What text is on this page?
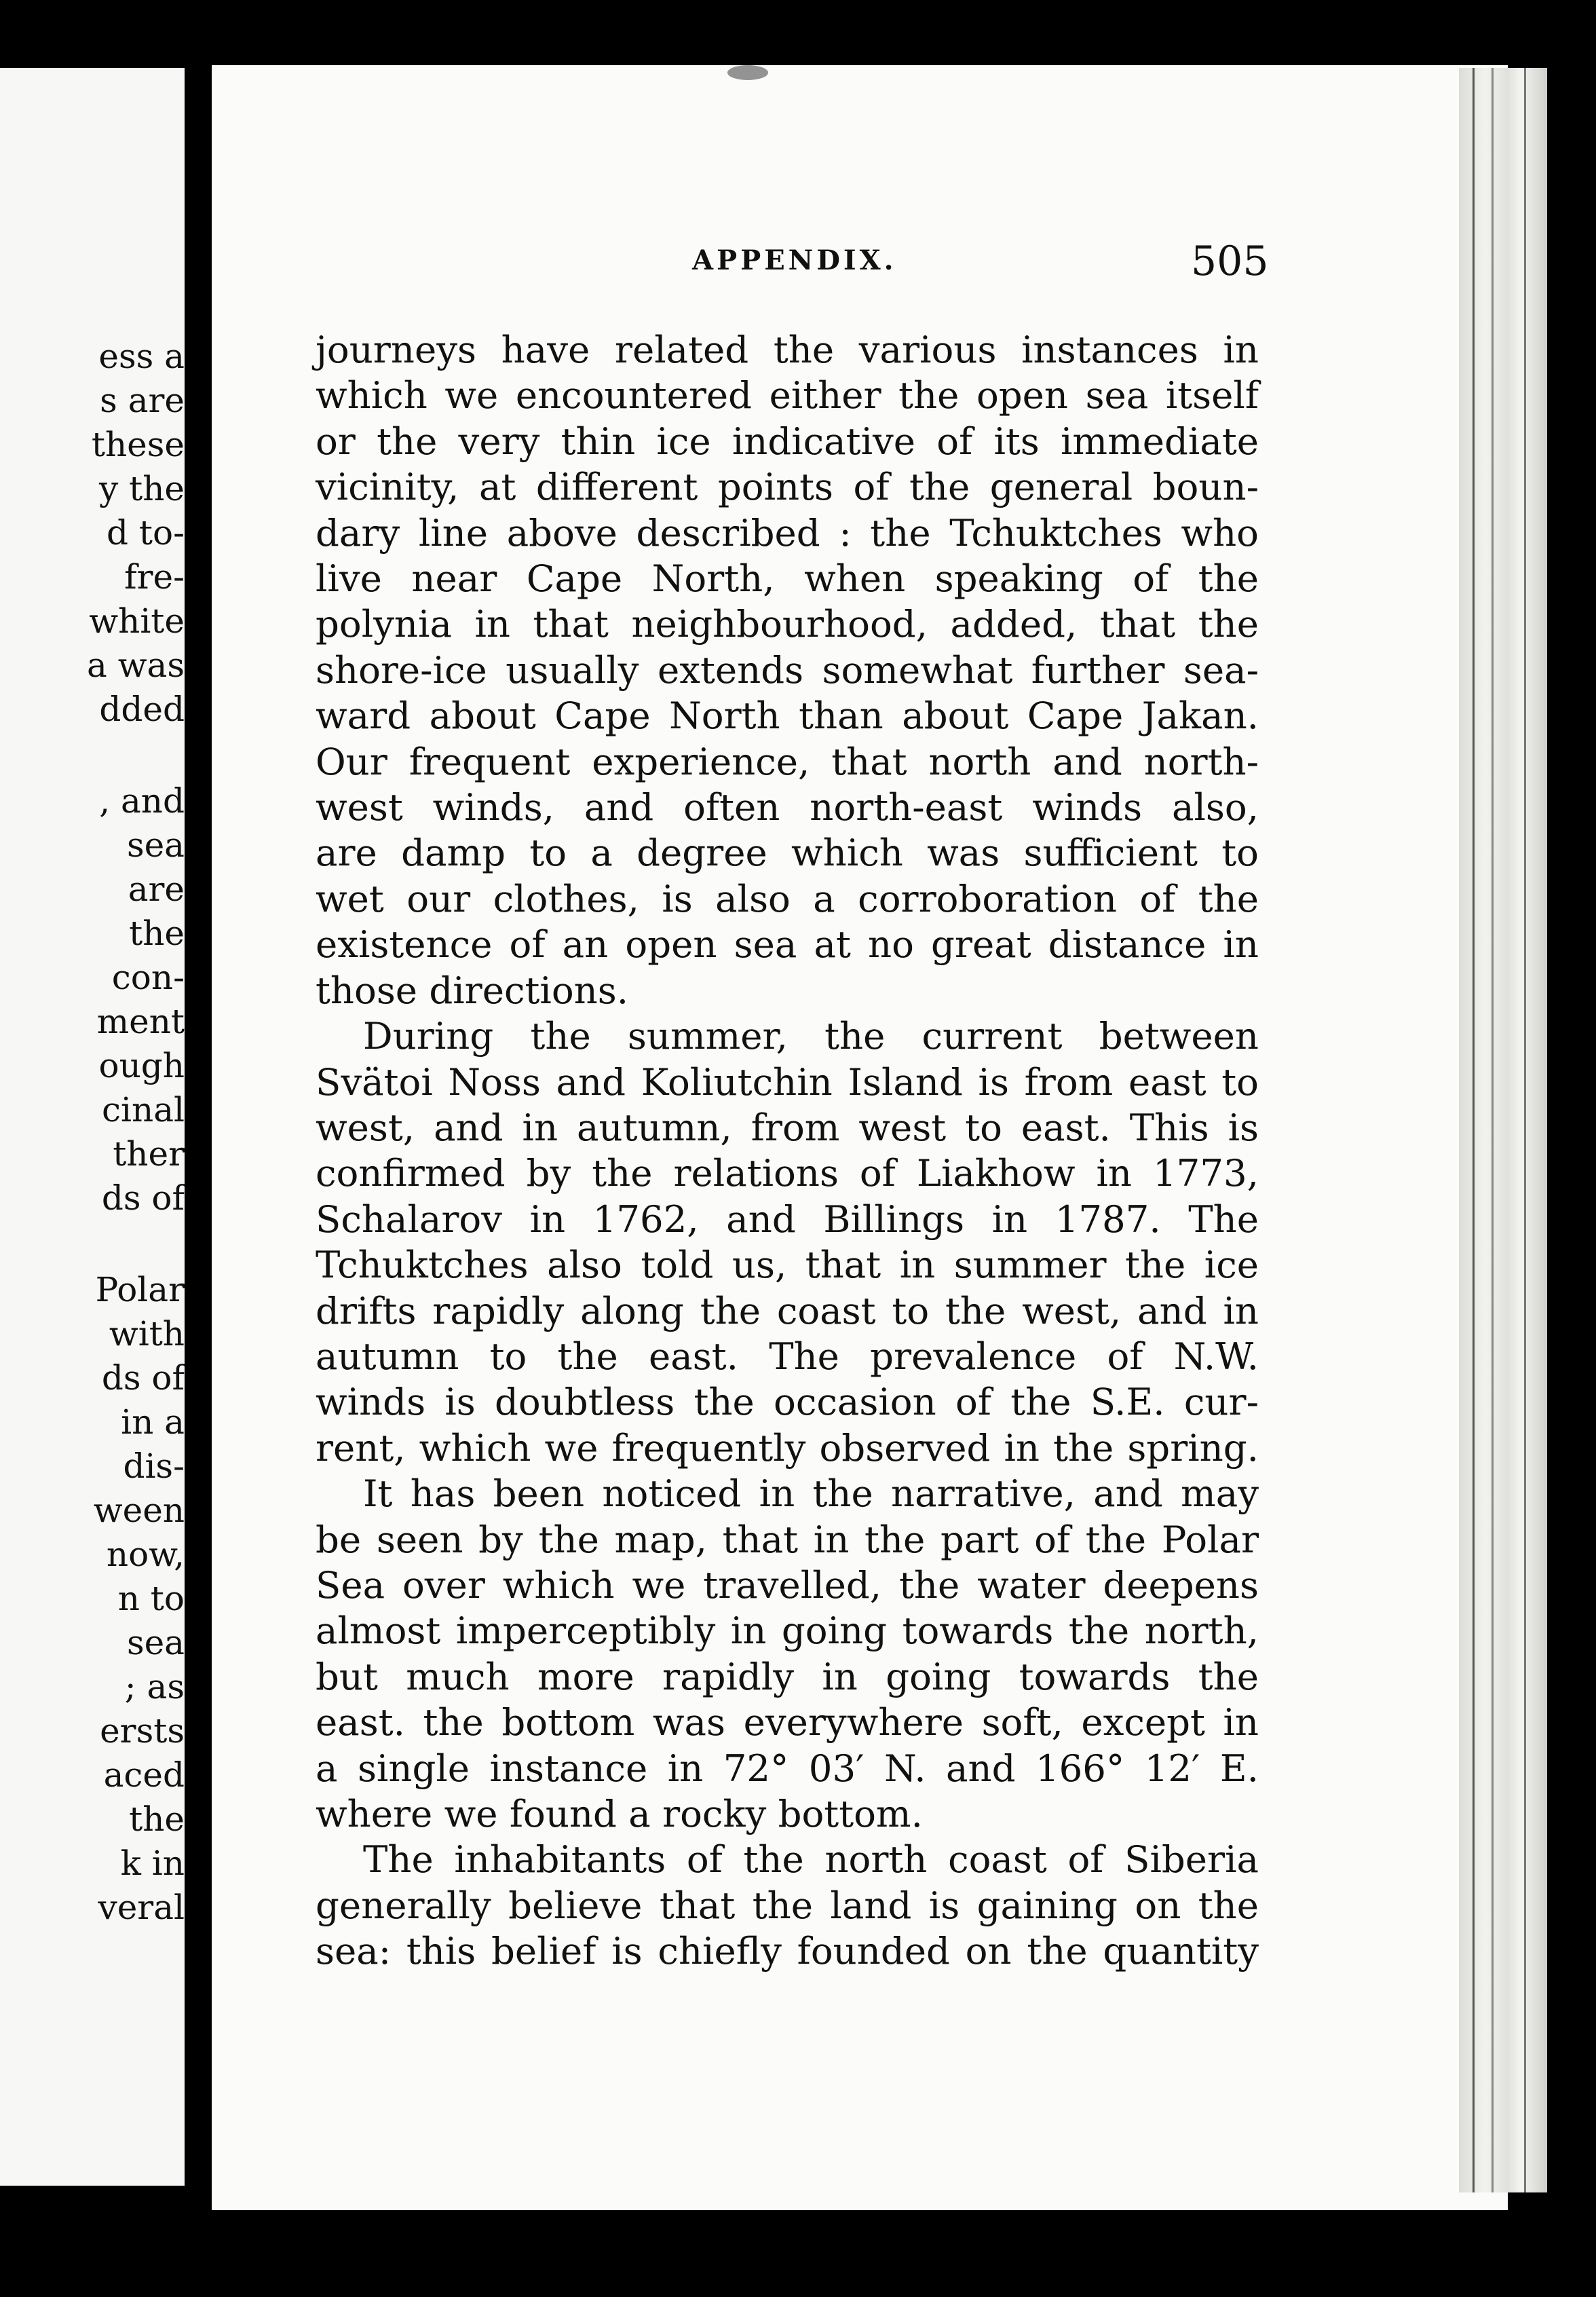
ess a
s are
these
y the
d to-
fre-
white
a was
dded
, and
sea
are
the
con-
ment
ough
cinal
ther
ds of
Polar
with
ds of
in a
dis-
ween
now,
n to
sea
; as
ersts
aced
the
k in
veral
APPENDIX.	505
journeys have related the various instances in
which we encountered either the open sea itself
or the very thin ice indicative of its immediate
vicinity, at different points of the general boun-
dary line above described : the Tchuktches who
live near Cape North, when speaking of the
polynia in that neighbourhood, added, that the
shore-ice usually extends somewhat further sea-
ward about Cape North than about Cape Jakan.
Our frequent experience, that north and north-
west winds, and often north-east winds also,
are damp to a degree which was sufficient to
wet our clothes, is also a corroboration of the
existence of an open sea at no great distance in
those directions.
During the summer, the current between
Svätoi Noss and Koliutchin Island is from east to
west, and in autumn, from west to east. This is
confirmed by the relations of Liakhow in 1773,
Schalarov in 1762, and Billings in 1787. The
Tchuktches also told us, that in summer the ice
drifts rapidly along the coast to the west, and in
autumn to the east. The prevalence of N.W.
winds is doubtless the occasion of the S.E. cur-
rent, which we frequently observed in the spring.
It has been noticed in the narrative, and may
be seen by the map, that in the part of the Polar
Sea over which we travelled, the water deepens
almost imperceptibly in going towards the north,
but much more rapidly in going towards the
east. the bottom was everywhere soft, except in
a single instance in 72° 03′ N. and 166° 12′ E.
where we found a rocky bottom.
The inhabitants of the north coast of Siberia
generally believe that the land is gaining on the
sea: this belief is chiefly founded on the quantity
